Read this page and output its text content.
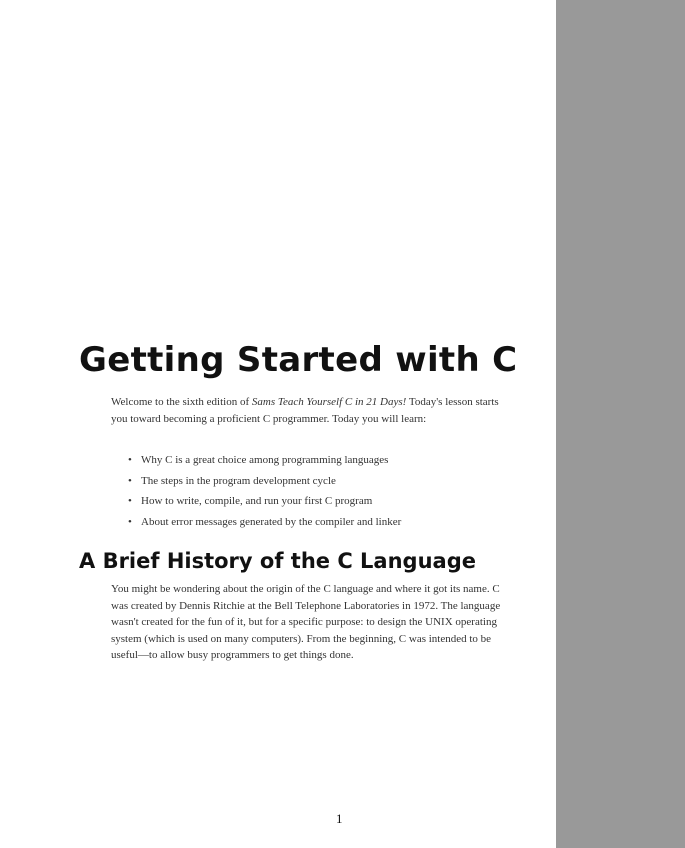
Getting Started with C

Welcome to the sixth edition of Sams Teach Yourself C in 21 Days! Today's lesson starts you toward becoming a proficient C programmer. Today you will learn:

• Why C is a great choice among programming languages
• The steps in the program development cycle
• How to write, compile, and run your first C program
• About error messages generated by the compiler and linker
A Brief History of the C Language

You might be wondering about the origin of the C language and where it got its name. C was created by Dennis Ritchie at the Bell Telephone Laboratories in 1972. The language wasn't created for the fun of it, but for a specific purpose: to design the UNIX operating system (which is used on many computers). From the beginning, C was intended to be useful—to allow busy programmers to get things done.

1
